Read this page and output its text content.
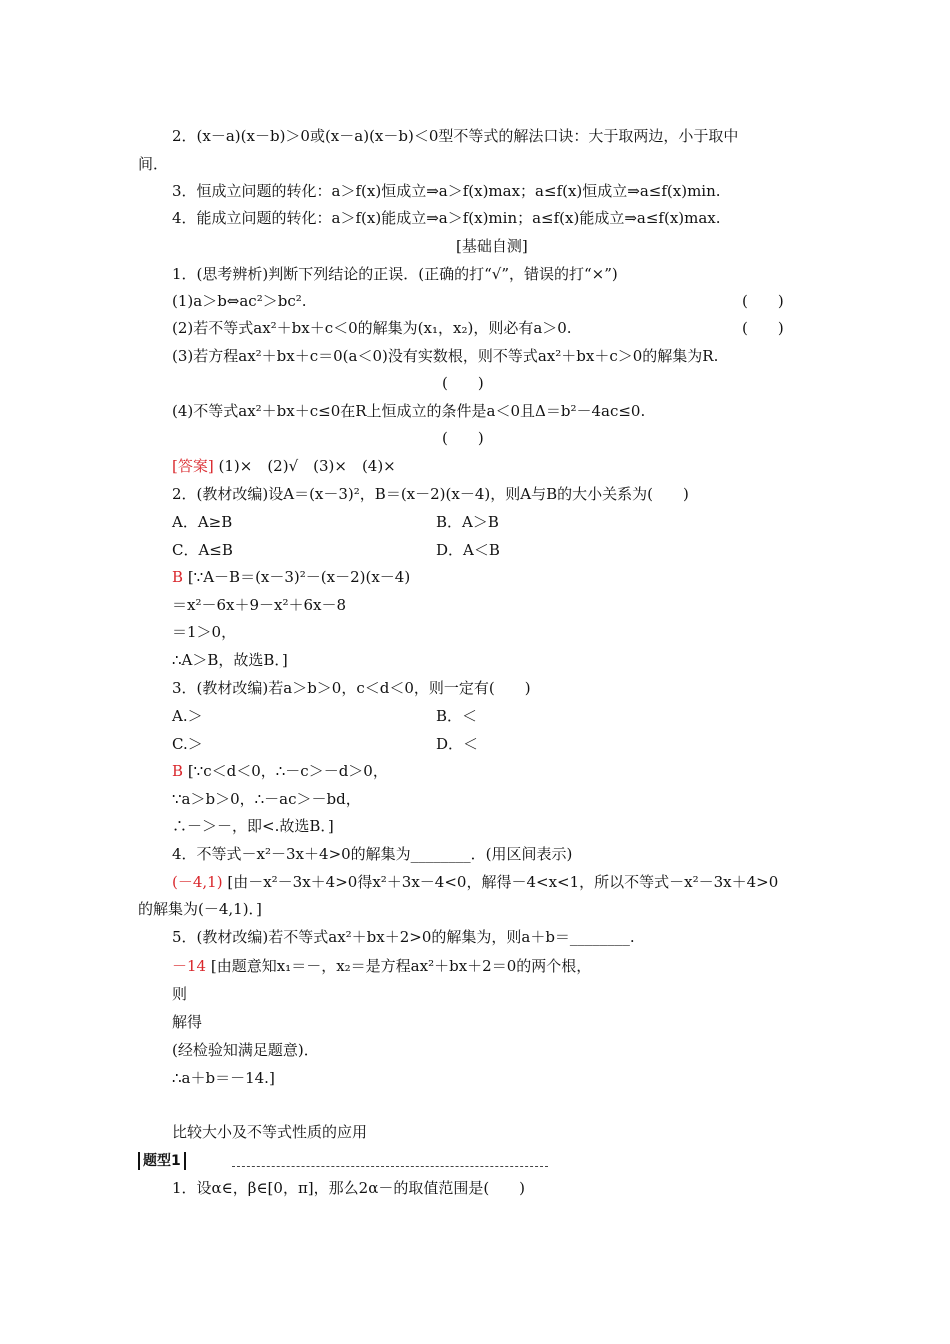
2．(x－a)(x－b)＞0或(x－a)(x－b)＜0型不等式的解法口诀：大于取两边，小于取中
间．
3．恒成立问题的转化：a＞f(x)恒成立⇒a＞f(x)max；a≤f(x)恒成立⇒a≤f(x)min.
4．能成立问题的转化：a＞f(x)能成立⇒a＞f(x)min；a≤f(x)能成立⇒a≤f(x)max.
[基础自测]
1．(思考辨析)判断下列结论的正误．(正确的打“√”，错误的打“×”)
(1)a＞b⇔ac²＞bc².	(　　)
(2)若不等式ax²＋bx＋c＜0的解集为(x₁，x₂)，则必有a＞0.	(　　)
(3)若方程ax²＋bx＋c＝0(a＜0)没有实数根，则不等式ax²＋bx＋c＞0的解集为R.
(　　)
(4)不等式ax²＋bx＋c≤0在R上恒成立的条件是a＜0且Δ＝b²－4ac≤0.
(　　)
[答案] (1)×　(2)√　(3)×　(4)×
2．(教材改编)设A＝(x－3)²，B＝(x－2)(x－4)，则A与B的大小关系为(　　)
A．A≥B	B．A＞B
C．A≤B	D．A＜B
B [∵A－B＝(x－3)²－(x－2)(x－4)
＝x²－6x＋9－x²＋6x－8
＝1＞0，
∴A＞B，故选B．]
3．(教材改编)若a＞b＞0，c＜d＜0，则一定有(　　)
A.＞	B．＜
C.＞	D．＜
B [∵c＜d＜0，∴－c＞－d＞0，
∵a＞b＞0，∴－ac＞－bd，
∴－＞－，即<.故选B．]
4．不等式－x²－3x＋4>0的解集为________．(用区间表示)
(－4,1) [由－x²－3x＋4>0得x²＋3x－4<0，解得－4<x<1，所以不等式－x²－3x＋4>0
的解集为(－4,1)．]
5．(教材改编)若不等式ax²＋bx＋2>0的解集为，则a＋b＝________.
－14 [由题意知x₁＝－，x₂＝是方程ax²＋bx＋2＝0的两个根，
则
解得
(经检验知满足题意)．
∴a＋b＝－14.]
比较大小及不等式性质的应用
题型1
1．设α∈，β∈[0，π]，那么2α－的取值范围是(　　)
